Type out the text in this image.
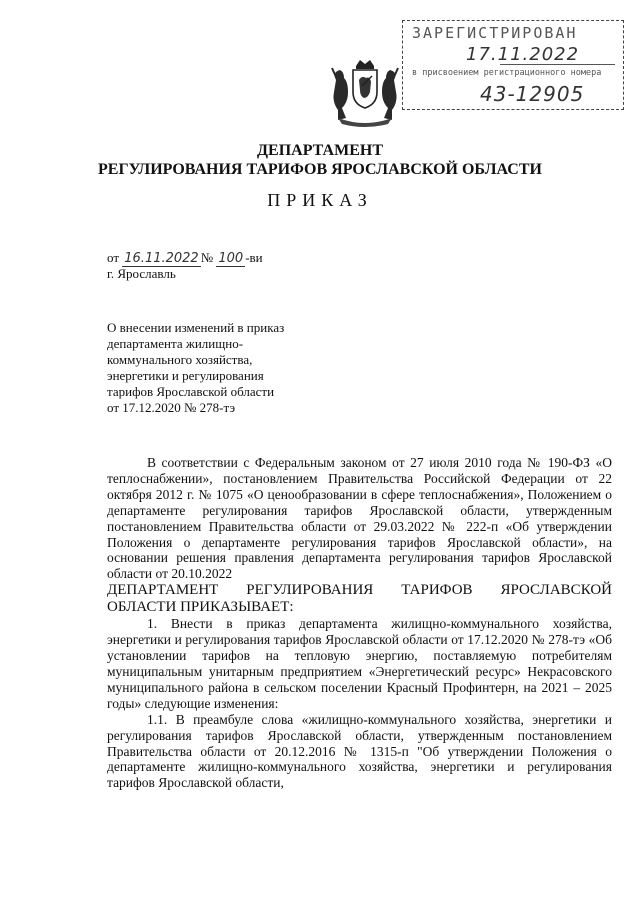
ЗАРЕГИСТРИРОВАН
17.11.2022
в присвоением регистрационного номера
43-12905
ДЕПАРТАМЕНТ
РЕГУЛИРОВАНИЯ ТАРИФОВ ЯРОСЛАВСКОЙ ОБЛАСТИ
ПРИКАЗ
от 16.11.2022 № 100 -ви
г. Ярославль
О внесении изменений в приказ
департамента жилищно-
коммунального хозяйства,
энергетики и регулирования
тарифов Ярославской области
от 17.12.2020 № 278-тэ
В соответствии с Федеральным законом от 27 июля 2010 года № 190-ФЗ «О теплоснабжении», постановлением Правительства Российской Федерации от 22 октября 2012 г. № 1075 «О ценообразовании в сфере теплоснабжения», Положением о департаменте регулирования тарифов Ярославской области, утвержденным постановлением Правительства области от 29.03.2022 № 222-п «Об утверждении Положения о департаменте регулирования тарифов Ярославской области», на основании решения правления департамента регулирования тарифов Ярославской области от 20.10.2022
ДЕПАРТАМЕНТ РЕГУЛИРОВАНИЯ ТАРИФОВ ЯРОСЛАВСКОЙ
ОБЛАСТИ ПРИКАЗЫВАЕТ:
1. Внести в приказ департамента жилищно-коммунального хозяйства, энергетики и регулирования тарифов Ярославской области от 17.12.2020 № 278-тэ «Об установлении тарифов на тепловую энергию, поставляемую потребителям муниципальным унитарным предприятием «Энергетический ресурс» Некрасовского муниципального района в сельском поселении Красный Профинтерн, на 2021 – 2025 годы» следующие изменения:
1.1. В преамбуле слова «жилищно-коммунального хозяйства, энергетики и регулирования тарифов Ярославской области, утвержденным постановлением Правительства области от 20.12.2016 № 1315-п "Об утверждении Положения о департаменте жилищно-коммунального хозяйства, энергетики и регулирования тарифов Ярославской области,
